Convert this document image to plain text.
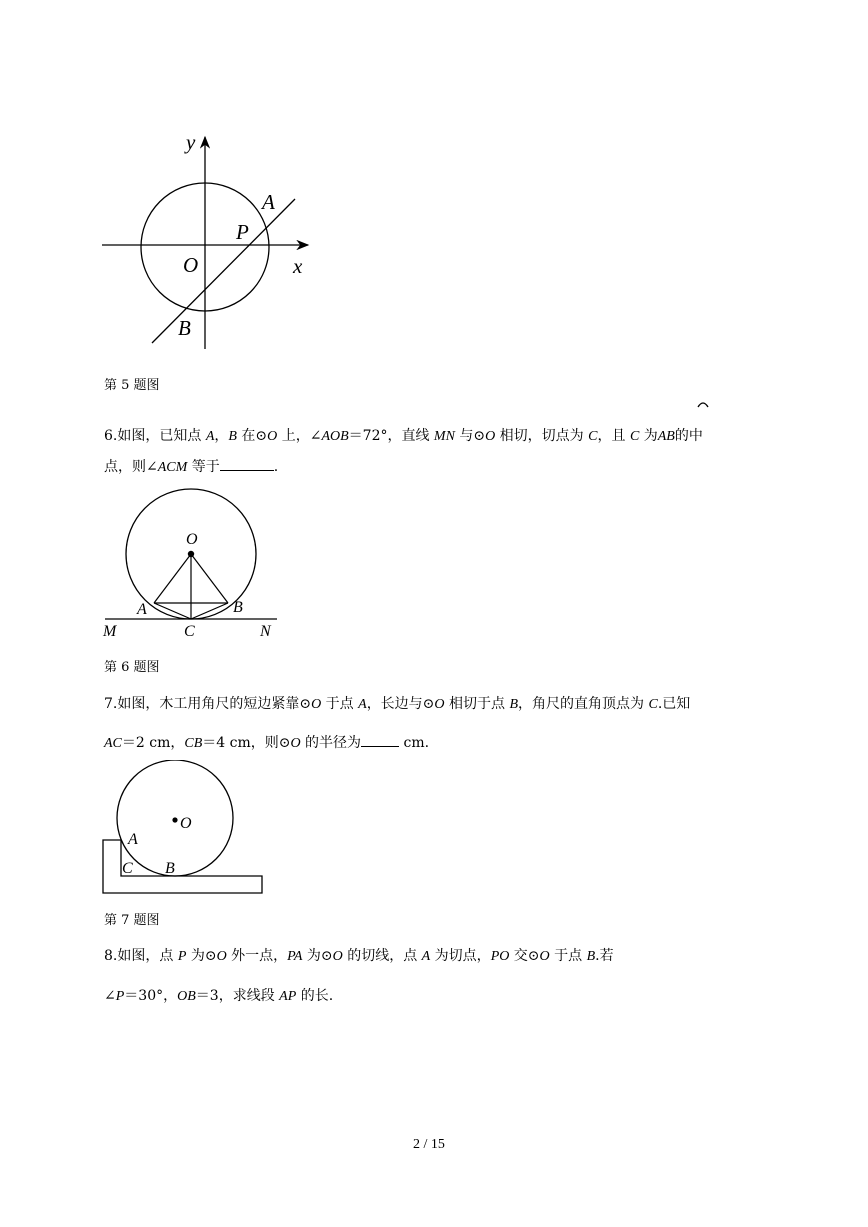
y
x
O
A
P
B
第 5 题图
6.如图，已知点 A，B 在⊙O 上，∠AOB＝72°，直线 MN 与⊙O 相切，切点为 C，且 C 为AB的中
点，则∠ACM 等于	.
O
A	B
M	C	N
第 6 题图
7.如图，木工用角尺的短边紧靠⊙O 于点 A，长边与⊙O 相切于点 B，角尺的直角顶点为 C.已知
AC＝2 cm，CB＝4 cm，则⊙O 的半径为	cm.
O
A
C B
第 7 题图
8.如图，点 P 为⊙O 外一点，PA 为⊙O 的切线，点 A 为切点，PO 交⊙O 于点 B.若
∠P＝30°，OB＝3，求线段 AP 的长.
2 / 15
